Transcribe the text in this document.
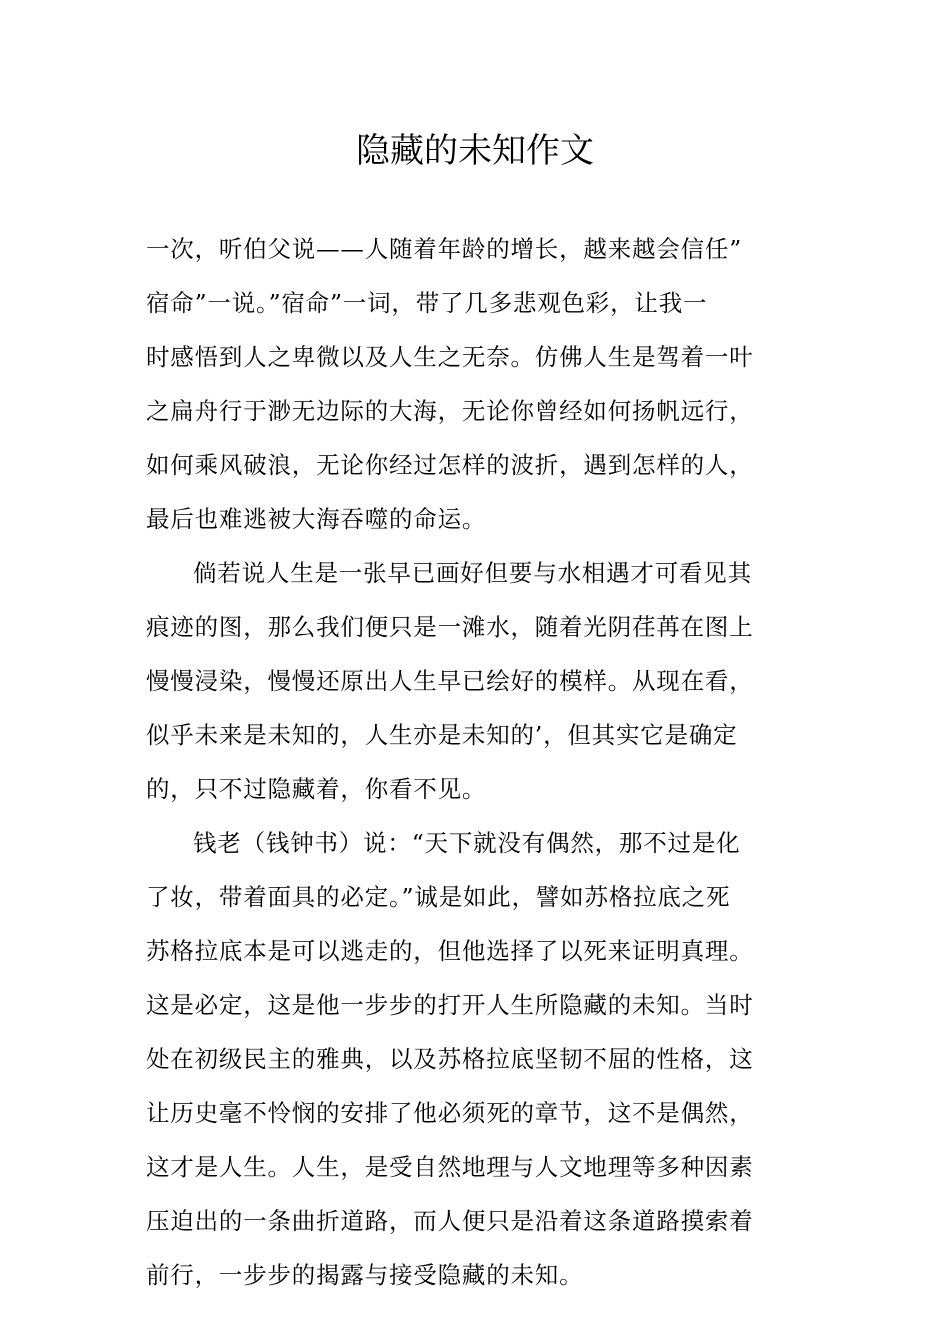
隐藏的未知作文
一次，听伯父说——人随着年龄的增长，越来越会信任”
宿命”一说。”宿命”一词，带了几多悲观色彩，让我一
时感悟到人之卑微以及人生之无奈。仿佛人生是驾着一叶
之扁舟行于渺无边际的大海，无论你曾经如何扬帆远行，
如何乘风破浪，无论你经过怎样的波折，遇到怎样的人，
最后也难逃被大海吞噬的命运。
倘若说人生是一张早已画好但要与水相遇才可看见其
痕迹的图，那么我们便只是一滩水，随着光阴荏苒在图上
慢慢浸染，慢慢还原出人生早已绘好的模样。从现在看，
似乎未来是未知的，人生亦是未知的’，但其实它是确定
的，只不过隐藏着，你看不见。
钱老（钱钟书）说：“天下就没有偶然，那不过是化
了妆，带着面具的必定。”诚是如此，譬如苏格拉底之死
苏格拉底本是可以逃走的，但他选择了以死来证明真理。
这是必定，这是他一步步的打开人生所隐藏的未知。当时
处在初级民主的雅典，以及苏格拉底坚韧不屈的性格，这
让历史毫不怜悯的安排了他必须死的章节，这不是偶然，
这才是人生。人生，是受自然地理与人文地理等多种因素
压迫出的一条曲折道路，而人便只是沿着这条道路摸索着
前行，一步步的揭露与接受隐藏的未知。
